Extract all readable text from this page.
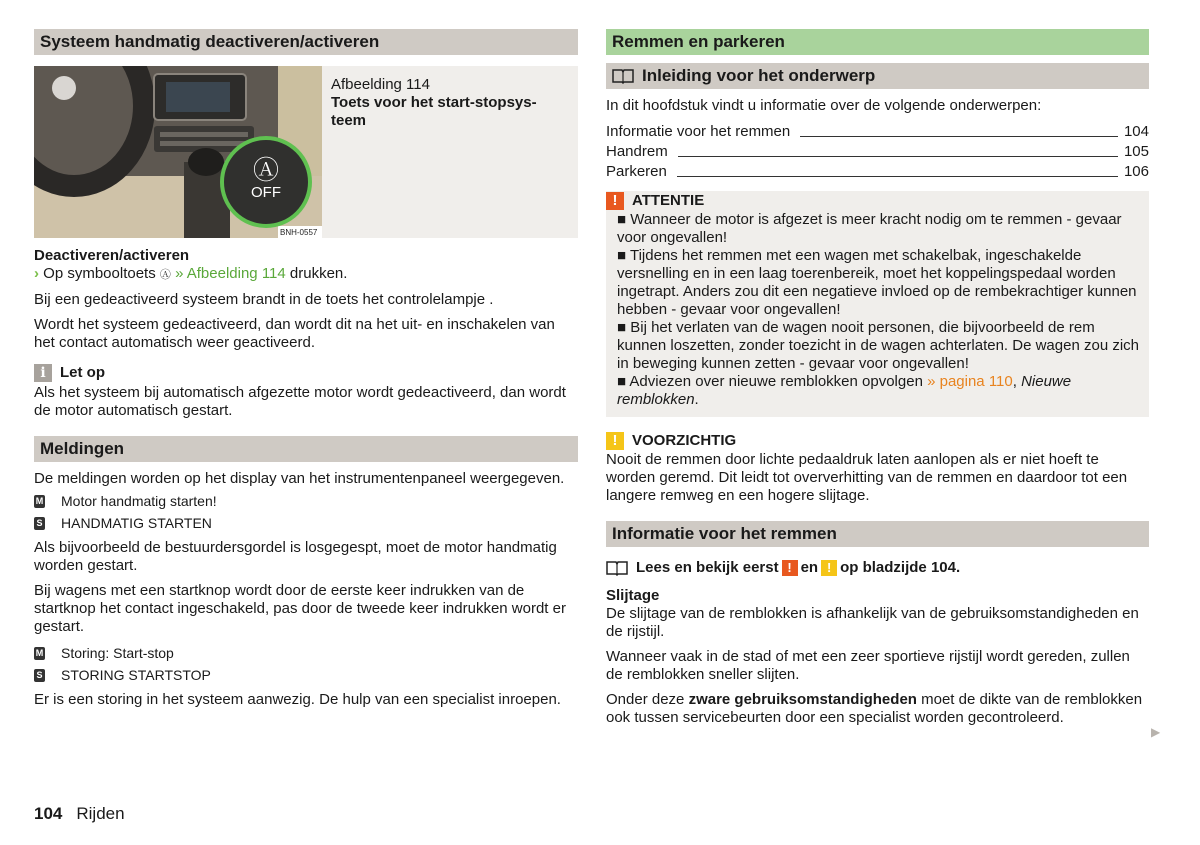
Systeem handmatig deactiveren/activeren
BNH-0557
Ⓐ
OFF
Afbeelding 114
Toets voor het start-stopsys-
teem
Deactiveren/activeren
› Op symbooltoets Ⓐ » Afbeelding 114 drukken.

Bij een gedeactiveerd systeem brandt in de toets het controlelampje .

Wordt het systeem gedeactiveerd, dan wordt dit na het uit- en inschakelen van het contact automatisch weer geactiveerd.

i Let op
Als het systeem bij automatisch afgezette motor wordt gedeactiveerd, dan wordt de motor automatisch gestart.
Meldingen

De meldingen worden op het display van het instrumentenpaneel weergegeven.

M Motor handmatig starten!
S HANDMATIG STARTEN

Als bijvoorbeeld de bestuurdersgordel is losgegespt, moet de motor handmatig worden gestart.

Bij wagens met een startknop wordt door de eerste keer indrukken van de startknop het contact ingeschakeld, pas door de tweede keer indrukken wordt er gestart.

M Storing: Start-stop
S STORING STARTSTOP

Er is een storing in het systeem aanwezig. De hulp van een specialist inroepen.

Remmen en parkeren
Inleiding voor het onderwerp

In dit hoofdstuk vindt u informatie over de volgende onderwerpen:

Informatie voor het remmen	104
Handrem	105
Parkeren	106
! ATTENTIE
■ Wanneer de motor is afgezet is meer kracht nodig om te remmen - gevaar voor ongevallen!
■ Tijdens het remmen met een wagen met schakelbak, ingeschakelde versnelling en in een laag toerenbereik, moet het koppelingspedaal worden ingetrapt. Anders zou dit een negatieve invloed op de rembekrachtiger kunnen hebben - gevaar voor ongevallen!
■ Bij het verlaten van de wagen nooit personen, die bijvoorbeeld de rem kunnen loszetten, zonder toezicht in de wagen achterlaten. De wagen zou zich in beweging kunnen zetten - gevaar voor ongevallen!
■ Adviezen over nieuwe remblokken opvolgen » pagina 110, Nieuwe remblokken.
! VOORZICHTIG
Nooit de remmen door lichte pedaaldruk laten aanlopen als er niet hoeft te worden geremd. Dit leidt tot oververhitting van de remmen en daardoor tot een langere remweg en een hogere slijtage.
Informatie voor het remmen
Lees en bekijk eerst ! en ! op bladzijde 104.
Slijtage
De slijtage van de remblokken is afhankelijk van de gebruiksomstandigheden en de rijstijl.

Wanneer vaak in de stad of met een zeer sportieve rijstijl wordt gereden, zullen de remblokken sneller slijten.

Onder deze zware gebruiksomstandigheden moet de dikte van de remblokken ook tussen servicebeurten door een specialist worden gecontroleerd.

▶
104 Rijden
